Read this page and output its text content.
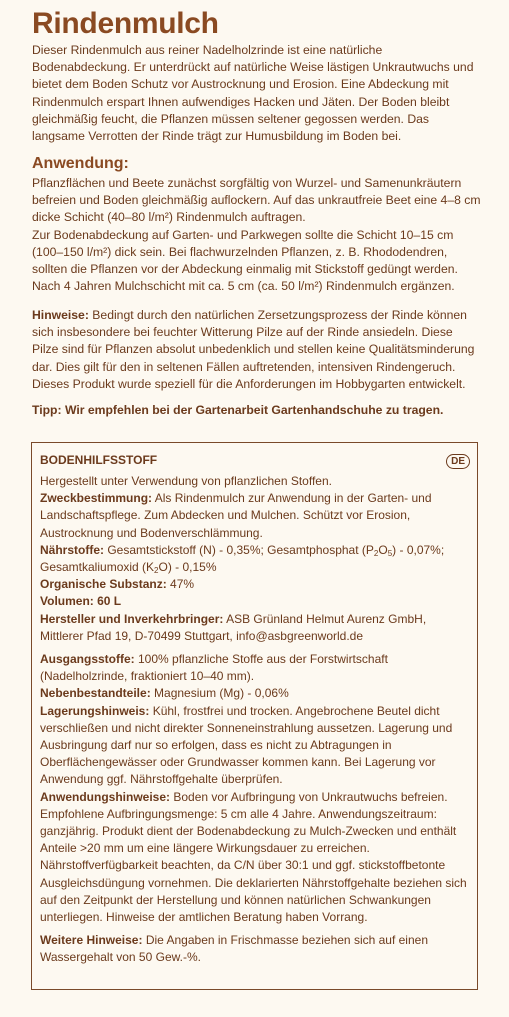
Rindenmulch

Dieser Rindenmulch aus reiner Nadelholzrinde ist eine natürliche Bodenabdeckung. Er unterdrückt auf natürliche Weise lästigen Unkrautwuchs und bietet dem Boden Schutz vor Austrocknung und Erosion. Eine Abdeckung mit Rindenmulch erspart Ihnen aufwendiges Hacken und Jäten. Der Boden bleibt gleichmäßig feucht, die Pflanzen müssen seltener gegossen werden. Das langsame Verrotten der Rinde trägt zur Humusbildung im Boden bei.

Anwendung:

Pflanzflächen und Beete zunächst sorgfältig von Wurzel- und Samenunkräutern befreien und Boden gleichmäßig auflockern. Auf das unkrautfreie Beet eine 4–8 cm dicke Schicht (40–80 l/m²) Rindenmulch auftragen.

Zur Bodenabdeckung auf Garten- und Parkwegen sollte die Schicht 10–15 cm (100–150 l/m²) dick sein. Bei flachwurzelnden Pflanzen, z. B. Rhododendren, sollten die Pflanzen vor der Abdeckung einmalig mit Stickstoff gedüngt werden. Nach 4 Jahren Mulchschicht mit ca. 5 cm (ca. 50 l/m²) Rindenmulch ergänzen.

Hinweise: Bedingt durch den natürlichen Zersetzungsprozess der Rinde können sich insbesondere bei feuchter Witterung Pilze auf der Rinde ansiedeln. Diese Pilze sind für Pflanzen absolut unbedenklich und stellen keine Qualitätsminderung dar. Dies gilt für den in seltenen Fällen auftretenden, intensiven Rindengeruch. Dieses Produkt wurde speziell für die Anforderungen im Hobbygarten entwickelt.

Tipp: Wir empfehlen bei der Gartenarbeit Gartenhandschuhe zu tragen.

BODENHILFSSTOFF	DE

Hergestellt unter Verwendung von pflanzlichen Stoffen.

Zweckbestimmung: Als Rindenmulch zur Anwendung in der Garten- und Landschaftspflege. Zum Abdecken und Mulchen. Schützt vor Erosion, Austrocknung und Bodenverschlämmung.

Nährstoffe: Gesamtstickstoff (N) - 0,35%; Gesamtphosphat $(P_2O_5) - 0,07\%$; Gesamtkaliumoxid $(K_2O) - 0,15\%$

Organische Substanz: 47%

Volumen: 60 L

Hersteller und Inverkehrbringer: ASB Grünland Helmut Aurenz GmbH, Mittlerer Pfad 19, D-70499 Stuttgart, info@asbgreenworld.de

Ausgangsstoffe: 100% pflanzliche Stoffe aus der Forstwirtschaft (Nadelholzrinde, fraktioniert 10–40 mm).

Nebenbestandteile: Magnesium (Mg) - 0,06%

Lagerungshinweis: Kühl, frostfrei und trocken. Angebrochene Beutel dicht verschließen und nicht direkter Sonneneinstrahlung aussetzen. Lagerung und Ausbringung darf nur so erfolgen, dass es nicht zu Abtragungen in Oberflächengewässer oder Grundwasser kommen kann. Bei Lagerung vor Anwendung ggf. Nährstoffgehalte überprüfen.

Anwendungshinweise: Boden vor Aufbringung von Unkrautwuchs befreien. Empfohlene Aufbringungsmenge: 5 cm alle 4 Jahre. Anwendungszeitraum: ganzjährig. Produkt dient der Bodenabdeckung zu Mulch-Zwecken und enthält Anteile >20 mm um eine längere Wirkungsdauer zu erreichen. Nährstoffverfügbarkeit beachten, da C/N über 30:1 und ggf. stickstoffbetonte Ausgleichsdüngung vornehmen. Die deklarierten Nährstoffgehalte beziehen sich auf den Zeitpunkt der Herstellung und können natürlichen Schwankungen unterliegen. Hinweise der amtlichen Beratung haben Vorrang.

Weitere Hinweise: Die Angaben in Frischmasse beziehen sich auf einen Wassergehalt von 50 Gew.-%.
